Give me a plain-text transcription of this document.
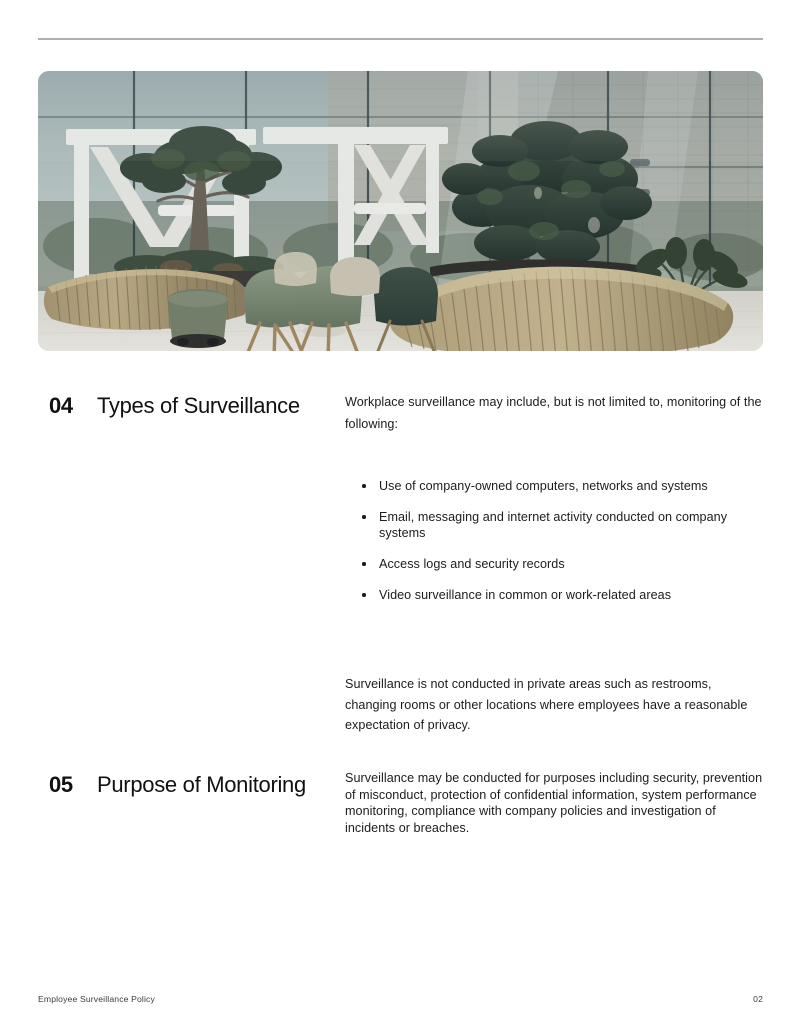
04	Types of Surveillance	Workplace surveillance may include, but is not limited to, monitoring of the following:

Use of company-owned computers, networks and systems
Email, messaging and internet activity conducted on company systems
Access logs and security records
Video surveillance in common or work-related areas

Surveillance is not conducted in private areas such as restrooms, changing rooms or other locations where employees have a reasonable expectation of privacy.

05	Purpose of Monitoring	Surveillance may be conducted for purposes including security, prevention of misconduct, protection of confidential information, system performance monitoring, compliance with company policies and investigation of incidents or breaches.

Employee Surveillance Policy	02
